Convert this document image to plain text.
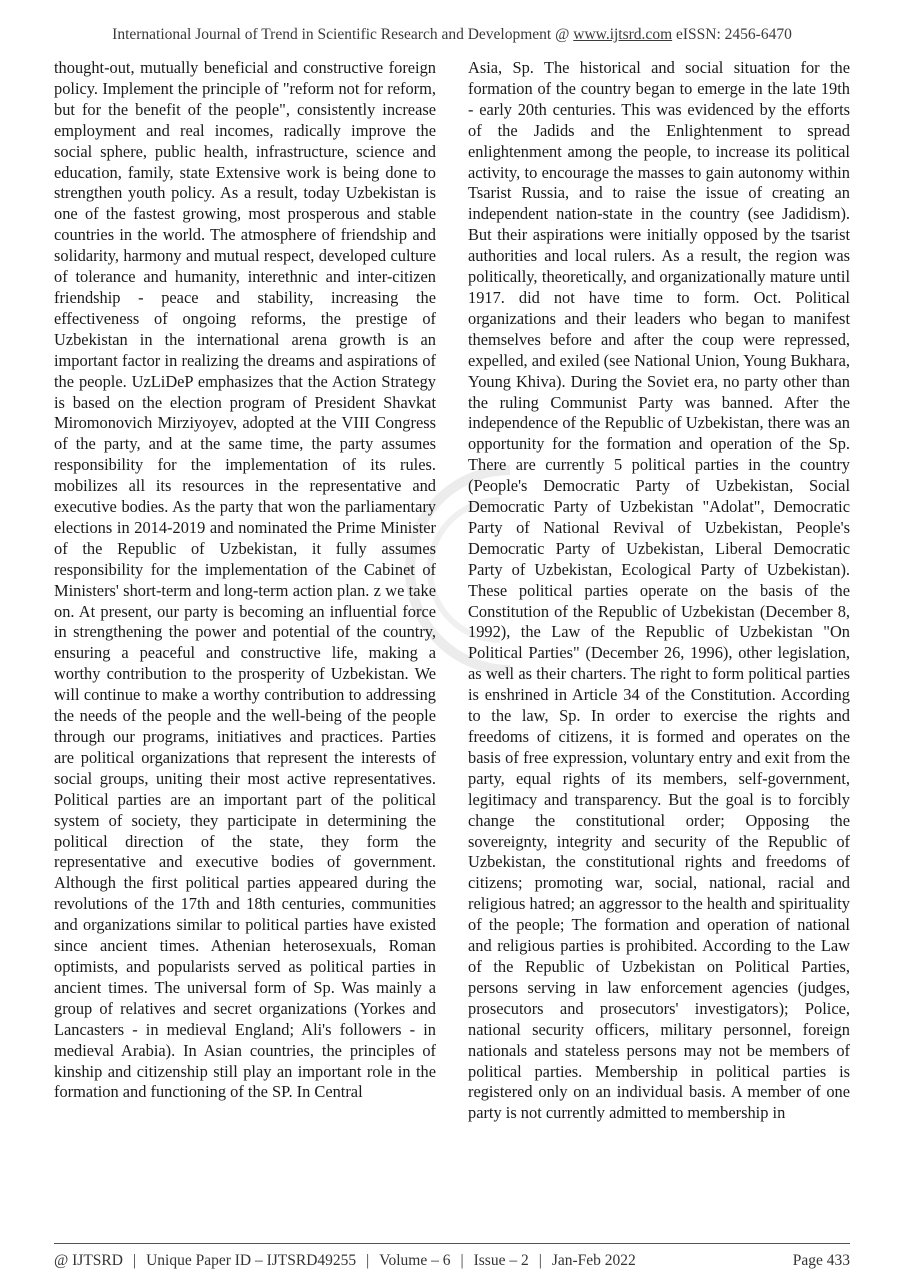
International Journal of Trend in Scientific Research and Development @ www.ijtsrd.com eISSN: 2456-6470

thought-out, mutually beneficial and constructive foreign policy. Implement the principle of "reform not for reform, but for the benefit of the people", consistently increase employment and real incomes, radically improve the social sphere, public health, infrastructure, science and education, family, state Extensive work is being done to strengthen youth policy. As a result, today Uzbekistan is one of the fastest growing, most prosperous and stable countries in the world. The atmosphere of friendship and solidarity, harmony and mutual respect, developed culture of tolerance and humanity, interethnic and inter-citizen friendship - peace and stability, increasing the effectiveness of ongoing reforms, the prestige of Uzbekistan in the international arena growth is an important factor in realizing the dreams and aspirations of the people. UzLiDeP emphasizes that the Action Strategy is based on the election program of President Shavkat Miromonovich Mirziyoyev, adopted at the VIII Congress of the party, and at the same time, the party assumes responsibility for the implementation of its rules. mobilizes all its resources in the representative and executive bodies. As the party that won the parliamentary elections in 2014-2019 and nominated the Prime Minister of the Republic of Uzbekistan, it fully assumes responsibility for the implementation of the Cabinet of Ministers' short-term and long-term action plan. z we take on. At present, our party is becoming an influential force in strengthening the power and potential of the country, ensuring a peaceful and constructive life, making a worthy contribution to the prosperity of Uzbekistan. We will continue to make a worthy contribution to addressing the needs of the people and the well-being of the people through our programs, initiatives and practices. Parties are political organizations that represent the interests of social groups, uniting their most active representatives. Political parties are an important part of the political system of society, they participate in determining the political direction of the state, they form the representative and executive bodies of government. Although the first political parties appeared during the revolutions of the 17th and 18th centuries, communities and organizations similar to political parties have existed since ancient times. Athenian heterosexuals, Roman optimists, and popularists served as political parties in ancient times. The universal form of Sp. Was mainly a group of relatives and secret organizations (Yorkes and Lancasters - in medieval England; Ali's followers - in medieval Arabia). In Asian countries, the principles of kinship and citizenship still play an important role in the formation and functioning of the SP. In Central

Asia, Sp. The historical and social situation for the formation of the country began to emerge in the late 19th - early 20th centuries. This was evidenced by the efforts of the Jadids and the Enlightenment to spread enlightenment among the people, to increase its political activity, to encourage the masses to gain autonomy within Tsarist Russia, and to raise the issue of creating an independent nation-state in the country (see Jadidism). But their aspirations were initially opposed by the tsarist authorities and local rulers. As a result, the region was politically, theoretically, and organizationally mature until 1917. did not have time to form. Oct. Political organizations and their leaders who began to manifest themselves before and after the coup were repressed, expelled, and exiled (see National Union, Young Bukhara, Young Khiva). During the Soviet era, no party other than the ruling Communist Party was banned. After the independence of the Republic of Uzbekistan, there was an opportunity for the formation and operation of the Sp. There are currently 5 political parties in the country (People's Democratic Party of Uzbekistan, Social Democratic Party of Uzbekistan "Adolat", Democratic Party of National Revival of Uzbekistan, People's Democratic Party of Uzbekistan, Liberal Democratic Party of Uzbekistan, Ecological Party of Uzbekistan). These political parties operate on the basis of the Constitution of the Republic of Uzbekistan (December 8, 1992), the Law of the Republic of Uzbekistan "On Political Parties" (December 26, 1996), other legislation, as well as their charters. The right to form political parties is enshrined in Article 34 of the Constitution. According to the law, Sp. In order to exercise the rights and freedoms of citizens, it is formed and operates on the basis of free expression, voluntary entry and exit from the party, equal rights of its members, self-government, legitimacy and transparency. But the goal is to forcibly change the constitutional order; Opposing the sovereignty, integrity and security of the Republic of Uzbekistan, the constitutional rights and freedoms of citizens; promoting war, social, national, racial and religious hatred; an aggressor to the health and spirituality of the people; The formation and operation of national and religious parties is prohibited. According to the Law of the Republic of Uzbekistan on Political Parties, persons serving in law enforcement agencies (judges, prosecutors and prosecutors' investigators); Police, national security officers, military personnel, foreign nationals and stateless persons may not be members of political parties. Membership in political parties is registered only on an individual basis. A member of one party is not currently admitted to membership in

@ IJTSRD | Unique Paper ID – IJTSRD49255 | Volume – 6 | Issue – 2 | Jan-Feb 2022	Page 433
